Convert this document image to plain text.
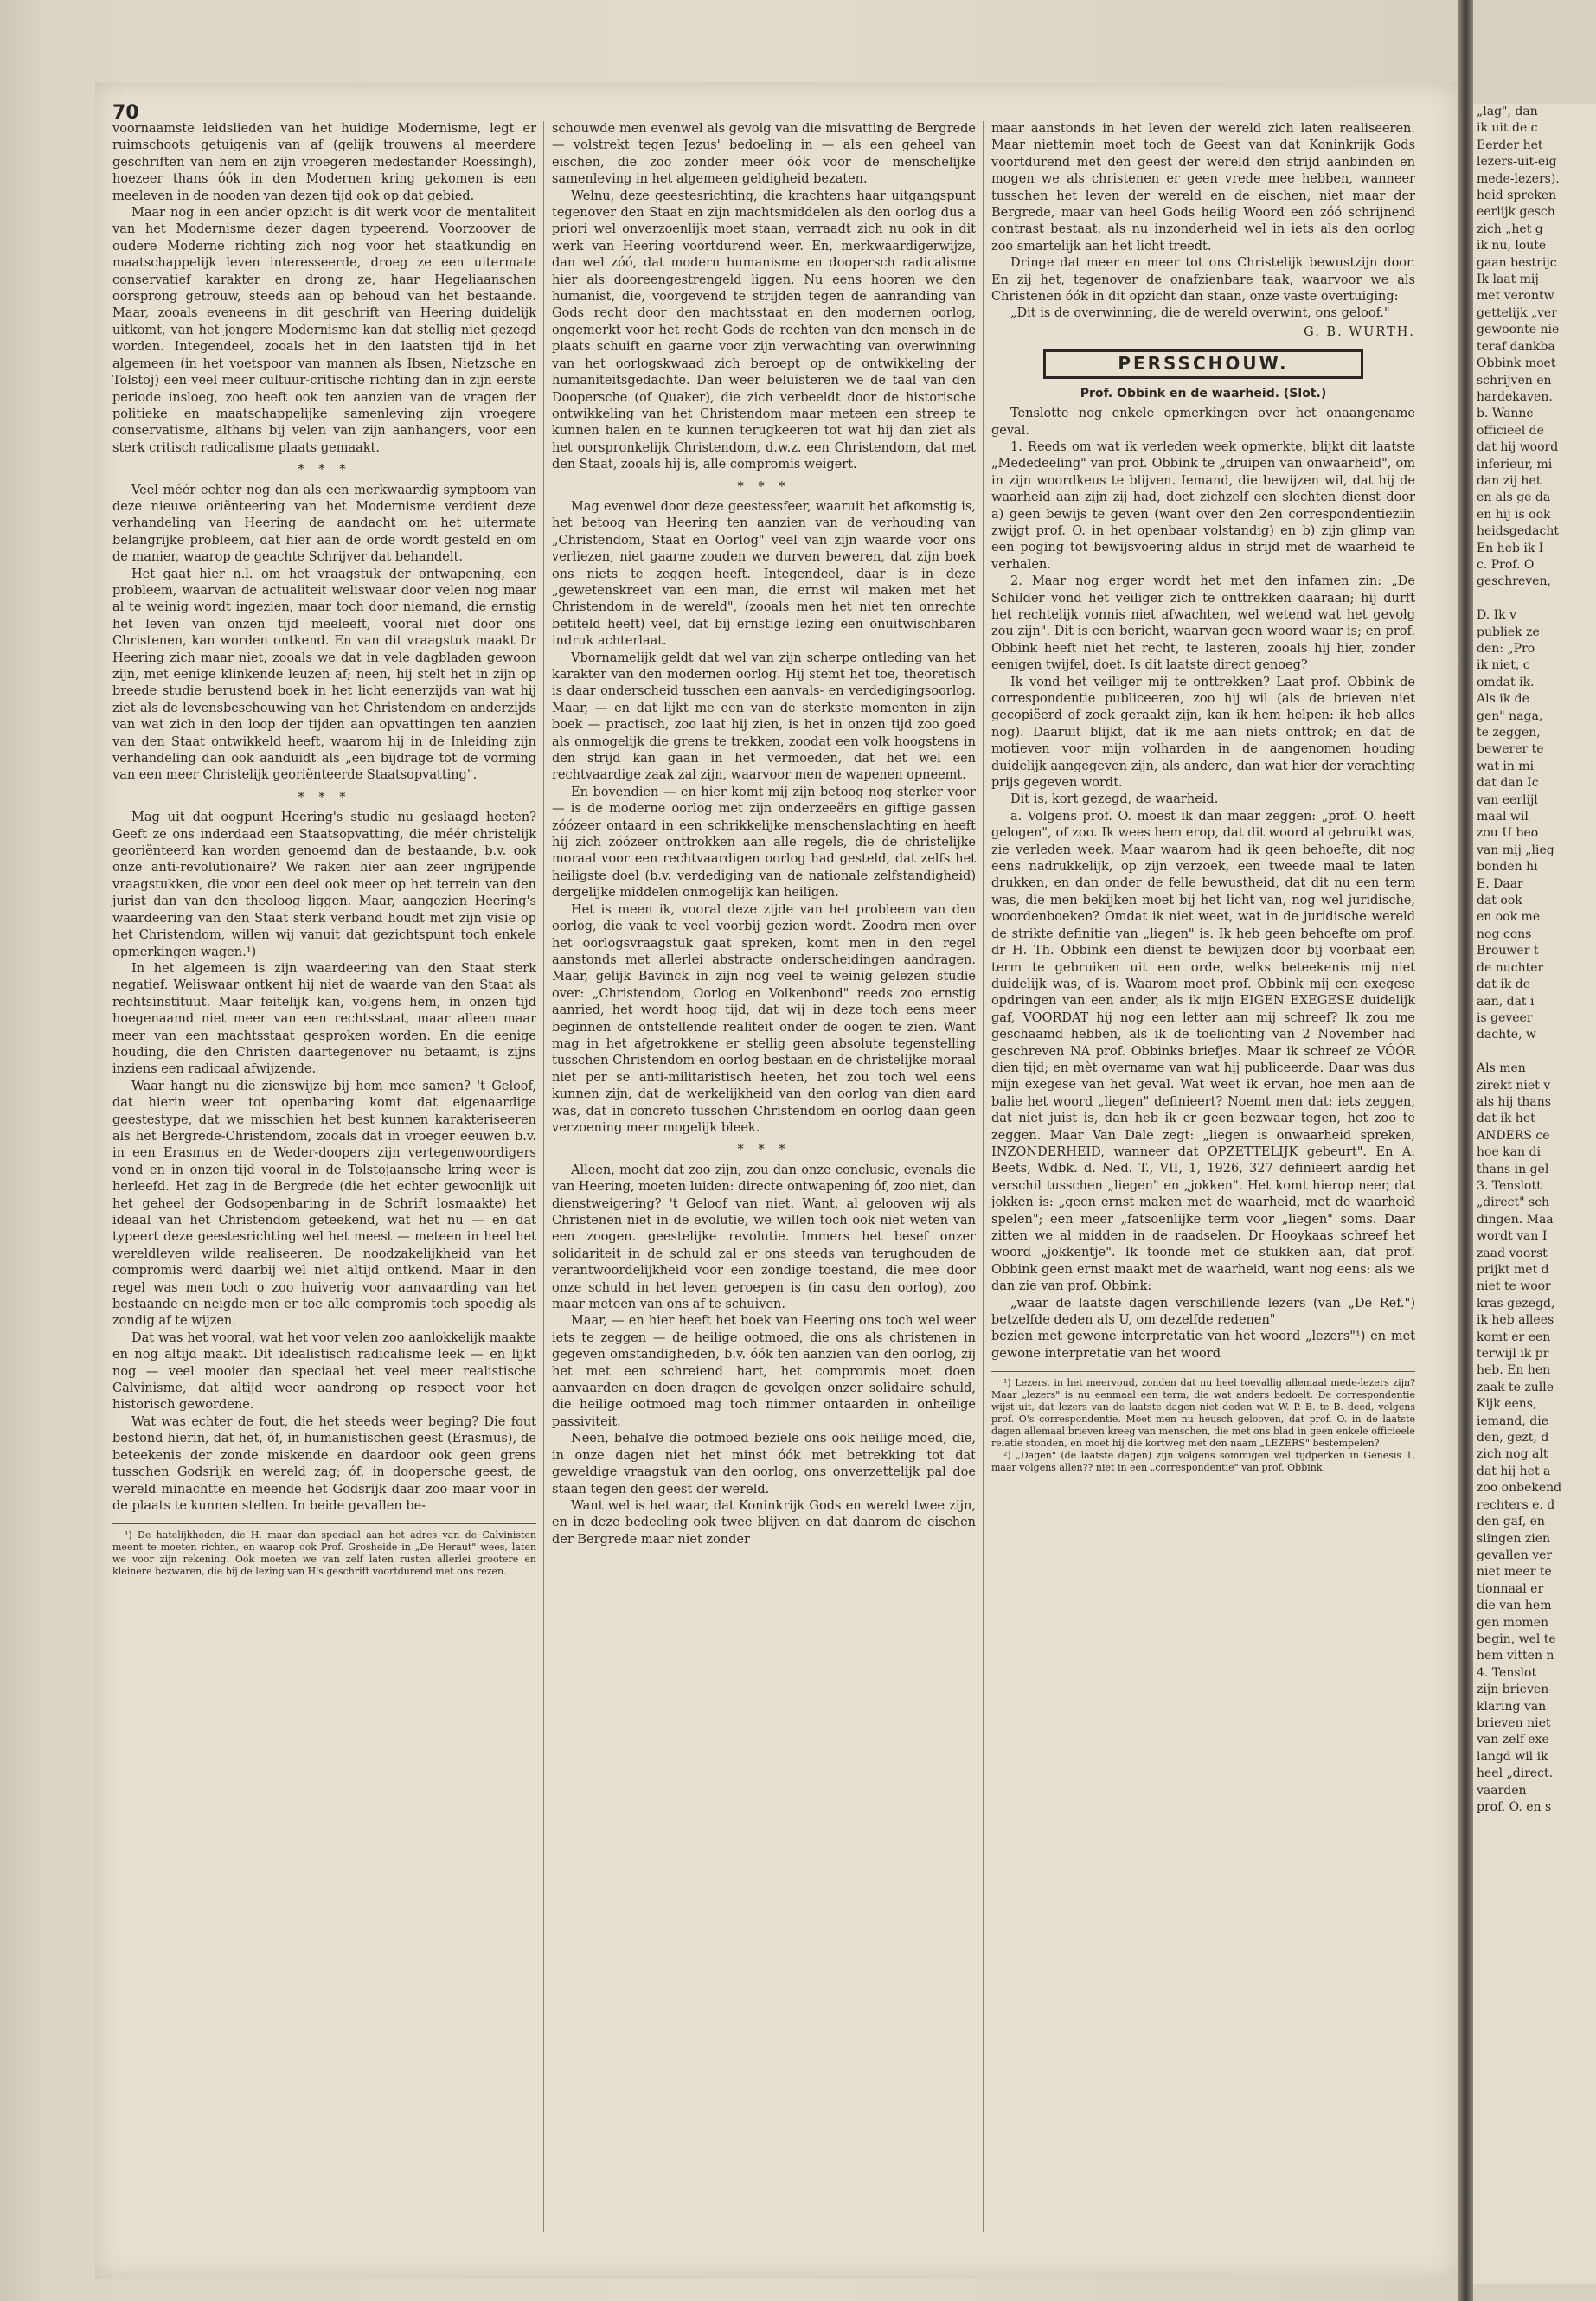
70

voornaamste leidslieden van het huidige Modernisme, legt er ruimschoots getuigenis van af (gelijk trouwens al meerdere geschriften van hem en zijn vroegeren medestander Roessingh), hoezeer thans óók in den Modernen kring gekomen is een meeleven in de nooden van dezen tijd ook op dat gebied.

Maar nog in een ander opzicht is dit werk voor de mentaliteit van het Modernisme dezer dagen typeerend. Voorzoover de oudere Moderne richting zich nog voor het staatkundig en maatschappelijk leven interesseerde, droeg ze een uitermate conservatief karakter en drong ze, haar Hegeliaanschen oorsprong getrouw, steeds aan op behoud van het bestaande. Maar, zooals eveneens in dit geschrift van Heering duidelijk uitkomt, van het jongere Modernisme kan dat stellig niet gezegd worden. Integendeel, zooals het in den laatsten tijd in het algemeen (in het voetspoor van mannen als Ibsen, Nietzsche en Tolstoj) een veel meer cultuur-critische richting dan in zijn eerste periode insloeg, zoo heeft ook ten aanzien van de vragen der politieke en maatschappelijke samenleving zijn vroegere conservatisme, althans bij velen van zijn aanhangers, voor een sterk critisch radicalisme plaats gemaakt.

* * *

Veel méér echter nog dan als een merkwaardig symptoom van deze nieuwe oriënteering van het Modernisme verdient deze verhandeling van Heering de aandacht om het uitermate belangrijke probleem, dat hier aan de orde wordt gesteld en om de manier, waarop de geachte Schrijver dat behandelt.

Het gaat hier n.l. om het vraagstuk der ontwapening, een probleem, waarvan de actualiteit weliswaar door velen nog maar al te weinig wordt ingezien, maar toch door niemand, die ernstig het leven van onzen tijd meeleeft, vooral niet door ons Christenen, kan worden ontkend. En van dit vraagstuk maakt Dr Heering zich maar niet, zooals we dat in vele dagbladen gewoon zijn, met eenige klinkende leuzen af; neen, hij stelt het in zijn op breede studie berustend boek in het licht eenerzijds van wat hij ziet als de levensbeschouwing van het Christendom en anderzijds van wat zich in den loop der tijden aan opvattingen ten aanzien van den Staat ontwikkeld heeft, waarom hij in de Inleiding zijn verhandeling dan ook aanduidt als „een bijdrage tot de vorming van een meer Christelijk georiënteerde Staatsopvatting".

* * *

Mag uit dat oogpunt Heering's studie nu geslaagd heeten? Geeft ze ons inderdaad een Staatsopvatting, die méér christelijk georiënteerd kan worden genoemd dan de bestaande, b.v. ook onze anti-revolutionaire? We raken hier aan zeer ingrijpende vraagstukken, die voor een deel ook meer op het terrein van den jurist dan van den theoloog liggen. Maar, aangezien Heering's waardeering van den Staat sterk verband houdt met zijn visie op het Christendom, willen wij vanuit dat gezichtspunt toch enkele opmerkingen wagen.¹)

In het algemeen is zijn waardeering van den Staat sterk negatief. Weliswaar ontkent hij niet de waarde van den Staat als rechtsinstituut. Maar feitelijk kan, volgens hem, in onzen tijd hoegenaamd niet meer van een rechtsstaat, maar alleen maar meer van een machtsstaat gesproken worden. En die eenige houding, die den Christen daartegenover nu betaamt, is zijns inziens een radicaal afwijzende.

Waar hangt nu die zienswijze bij hem mee samen? 't Geloof, dat hierin weer tot openbaring komt dat eigenaardige geestestype, dat we misschien het best kunnen karakteriseeren als het Bergrede-Christendom, zooals dat in vroeger eeuwen b.v. in een Erasmus en de Weder-doopers zijn vertegenwoordigers vond en in onzen tijd vooral in de Tolstojaansche kring weer is herleefd. Het zag in de Bergrede (die het echter gewoonlijk uit het geheel der Godsopenbaring in de Schrift losmaakte) het ideaal van het Christendom geteekend, wat het nu — en dat typeert deze geestesrichting wel het meest — meteen in heel het wereldleven wilde realiseeren. De noodzakelijkheid van het compromis werd daarbij wel niet altijd ontkend. Maar in den regel was men toch o zoo huiverig voor aanvaarding van het bestaande en neigde men er toe alle compromis toch spoedig als zondig af te wijzen.

Dat was het vooral, wat het voor velen zoo aanlokkelijk maakte en nog altijd maakt. Dit idealistisch radicalisme leek — en lijkt nog — veel mooier dan speciaal het veel meer realistische Calvinisme, dat altijd weer aandrong op respect voor het historisch gewordene.

Wat was echter de fout, die het steeds weer beging? Die fout bestond hierin, dat het, óf, in humanistischen geest (Erasmus), de beteekenis der zonde miskende en daardoor ook geen grens tusschen Godsrijk en wereld zag; óf, in doopersche geest, de wereld minachtte en meende het Godsrijk daar zoo maar voor in de plaats te kunnen stellen. In beide gevallen be-

¹) De hatelijkheden, die H. maar dan speciaal aan het adres van de Calvinisten meent te moeten richten, en waarop ook Prof. Grosheide in „De Heraut" wees, laten we voor zijn rekening. Ook moeten we van zelf laten rusten allerlei grootere en kleinere bezwaren, die bij de lezing van H's geschrift voortdurend met ons rezen.

schouwde men evenwel als gevolg van die misvatting de Bergrede — volstrekt tegen Jezus' bedoeling in — als een geheel van eischen, die zoo zonder meer óók voor de menschelijke samenleving in het algemeen geldigheid bezaten.

Welnu, deze geestesrichting, die krachtens haar uitgangspunt tegenover den Staat en zijn machtsmiddelen als den oorlog dus a priori wel onverzoenlijk moet staan, verraadt zich nu ook in dit werk van Heering voortdurend weer. En, merkwaardigerwijze, dan wel zóó, dat modern humanisme en doopersch radicalisme hier als dooreengestrengeld liggen. Nu eens hooren we den humanist, die, voorgevend te strijden tegen de aanranding van Gods recht door den machtsstaat en den modernen oorlog, ongemerkt voor het recht Gods de rechten van den mensch in de plaats schuift en gaarne voor zijn verwachting van overwinning van het oorlogskwaad zich beroept op de ontwikkeling der humaniteitsgedachte. Dan weer beluisteren we de taal van den Doopersche (of Quaker), die zich verbeeldt door de historische ontwikkeling van het Christendom maar meteen een streep te kunnen halen en te kunnen terugkeeren tot wat hij dan ziet als het oorspronkelijk Christendom, d.w.z. een Christendom, dat met den Staat, zooals hij is, alle compromis weigert.

* * *

Mag evenwel door deze geestessfeer, waaruit het afkomstig is, het betoog van Heering ten aanzien van de verhouding van „Christendom, Staat en Oorlog" veel van zijn waarde voor ons verliezen, niet gaarne zouden we durven beweren, dat zijn boek ons niets te zeggen heeft. Integendeel, daar is in deze „gewetenskreet van een man, die ernst wil maken met het Christendom in de wereld", (zooals men het niet ten onrechte betiteld heeft) veel, dat bij ernstige lezing een onuitwischbaren indruk achterlaat.

Vbornamelijk geldt dat wel van zijn scherpe ontleding van het karakter van den modernen oorlog. Hij stemt het toe, theoretisch is daar onderscheid tusschen een aanvals- en verdedigingsoorlog. Maar, — en dat lijkt me een van de sterkste momenten in zijn boek — practisch, zoo laat hij zien, is het in onzen tijd zoo goed als onmogelijk die grens te trekken, zoodat een volk hoogstens in den strijd kan gaan in het vermoeden, dat het wel een rechtvaardige zaak zal zijn, waarvoor men de wapenen opneemt.

En bovendien — en hier komt mij zijn betoog nog sterker voor — is de moderne oorlog met zijn onderzeeërs en giftige gassen zóózeer ontaard in een schrikkelijke menschenslachting en heeft hij zich zóózeer onttrokken aan alle regels, die de christelijke moraal voor een rechtvaardigen oorlog had gesteld, dat zelfs het heiligste doel (b.v. verdediging van de nationale zelfstandigheid) dergelijke middelen onmogelijk kan heiligen.

Het is meen ik, vooral deze zijde van het probleem van den oorlog, die vaak te veel voorbij gezien wordt. Zoodra men over het oorlogsvraagstuk gaat spreken, komt men in den regel aanstonds met allerlei abstracte onderscheidingen aandragen. Maar, gelijk Bavinck in zijn nog veel te weinig gelezen studie over: „Christendom, Oorlog en Volkenbond" reeds zoo ernstig aanried, het wordt hoog tijd, dat wij in deze toch eens meer beginnen de ontstellende realiteit onder de oogen te zien. Want mag in het afgetrokkene er stellig geen absolute tegenstelling tusschen Christendom en oorlog bestaan en de christelijke moraal niet per se anti-militaristisch heeten, het zou toch wel eens kunnen zijn, dat de werkelijkheid van den oorlog van dien aard was, dat in concreto tusschen Christendom en oorlog daan geen verzoening meer mogelijk bleek.

* * *

Alleen, mocht dat zoo zijn, zou dan onze conclusie, evenals die van Heering, moeten luiden: directe ontwapening óf, zoo niet, dan dienstweigering? 't Geloof van niet. Want, al gelooven wij als Christenen niet in de evolutie, we willen toch ook niet weten van een zoogen. geestelijke revolutie. Immers het besef onzer solidariteit in de schuld zal er ons steeds van terughouden de verantwoordelijkheid voor een zondige toestand, die mee door onze schuld in het leven geroepen is (in casu den oorlog), zoo maar meteen van ons af te schuiven.

Maar, — en hier heeft het boek van Heering ons toch wel weer iets te zeggen — de heilige ootmoed, die ons als christenen in gegeven omstandigheden, b.v. óók ten aanzien van den oorlog, zij het met een schreiend hart, het compromis moet doen aanvaarden en doen dragen de gevolgen onzer solidaire schuld, die heilige ootmoed mag toch nimmer ontaarden in onheilige passiviteit.

Neen, behalve die ootmoed beziele ons ook heilige moed, die, in onze dagen niet het minst óók met betrekking tot dat geweldige vraagstuk van den oorlog, ons onverzettelijk pal doe staan tegen den geest der wereld.

Want wel is het waar, dat Koninkrijk Gods en wereld twee zijn, en in deze bedeeling ook twee blijven en dat daarom de eischen der Bergrede maar niet zonder

maar aanstonds in het leven der wereld zich laten realiseeren. Maar niettemin moet toch de Geest van dat Koninkrijk Gods voortdurend met den geest der wereld den strijd aanbinden en mogen we als christenen er geen vrede mee hebben, wanneer tusschen het leven der wereld en de eischen, niet maar der Bergrede, maar van heel Gods heilig Woord een zóó schrijnend contrast bestaat, als nu inzonderheid wel in iets als den oorlog zoo smartelijk aan het licht treedt.

Dringe dat meer en meer tot ons Christelijk bewustzijn door. En zij het, tegenover de onafzienbare taak, waarvoor we als Christenen óók in dit opzicht dan staan, onze vaste overtuiging:

„Dit is de overwinning, die de wereld overwint, ons geloof."

G. B. WURTH.
PERSSCHOUW.
Prof. Obbink en de waarheid. (Slot.)

Tenslotte nog enkele opmerkingen over het onaangename geval.

1. Reeds om wat ik verleden week opmerkte, blijkt dit laatste „Mededeeling" van prof. Obbink te „druipen van onwaarheid", om in zijn woordkeus te blijven. Iemand, die bewijzen wil, dat hij de waarheid aan zijn zij had, doet zichzelf een slechten dienst door a) geen bewijs te geven (want over den 2en correspondentieziin zwijgt prof. O. in het openbaar volstandig) en b) zijn glimp van een poging tot bewijsvoering aldus in strijd met de waarheid te verhalen.

2. Maar nog erger wordt het met den infamen zin: „De Schilder vond het veiliger zich te onttrekken daaraan; hij durft het rechtelijk vonnis niet afwachten, wel wetend wat het gevolg zou zijn". Dit is een bericht, waarvan geen woord waar is; en prof. Obbink heeft niet het recht, te lasteren, zooals hij hier, zonder eenigen twijfel, doet. Is dit laatste direct genoeg?

Ik vond het veiliger mij te onttrekken? Laat prof. Obbink de correspondentie publiceeren, zoo hij wil (als de brieven niet gecopiëerd of zoek geraakt zijn, kan ik hem helpen: ik heb alles nog). Daaruit blijkt, dat ik me aan niets onttrok; en dat de motieven voor mijn volharden in de aangenomen houding duidelijk aangegeven zijn, als andere, dan wat hier der verachting prijs gegeven wordt.

Dit is, kort gezegd, de waarheid.

a. Volgens prof. O. moest ik dan maar zeggen: „prof. O. heeft gelogen", of zoo. Ik wees hem erop, dat dit woord al gebruikt was, zie verleden week. Maar waarom had ik geen behoefte, dit nog eens nadrukkelijk, op zijn verzoek, een tweede maal te laten drukken, en dan onder de felle bewustheid, dat dit nu een term was, die men bekijken moet bij het licht van, nog wel juridische, woordenboeken? Omdat ik niet weet, wat in de juridische wereld de strikte definitie van „liegen" is. Ik heb geen behoefte om prof. dr H. Th. Obbink een dienst te bewijzen door bij voorbaat een term te gebruiken uit een orde, welks beteekenis mij niet duidelijk was, of is. Waarom moet prof. Obbink mij een exegese opdringen van een ander, als ik mijn EIGEN EXEGESE duidelijk gaf, VOORDAT hij nog een letter aan mij schreef? Ik zou me geschaamd hebben, als ik de toelichting van 2 November had geschreven NA prof. Obbinks briefjes. Maar ik schreef ze VÓÓR dien tijd; en mèt overname van wat hij publiceerde. Daar was dus mijn exegese van het geval. Wat weet ik ervan, hoe men aan de balie het woord „liegen" definieert? Noemt men dat: iets zeggen, dat niet juist is, dan heb ik er geen bezwaar tegen, het zoo te zeggen. Maar Van Dale zegt: „liegen is onwaarheid spreken, INZONDERHEID, wanneer dat OPZETTELIJK gebeurt". En A. Beets, Wdbk. d. Ned. T., VII, 1, 1926, 327 definieert aardig het verschil tusschen „liegen" en „jokken". Het komt hierop neer, dat jokken is: „geen ernst maken met de waarheid, met de waarheid spelen"; een meer „fatsoenlijke term voor „liegen" soms. Daar zitten we al midden in de raadselen. Dr Hooykaas schreef het woord „jokkentje". Ik toonde met de stukken aan, dat prof. Obbink geen ernst maakt met de waarheid, want nog eens: als we dan zie van prof. Obbink:

„waar de laatste dagen verschillende lezers (van „De Ref.") betzelfde deden als U, om dezelfde redenen"

bezien met gewone interpretatie van het woord „lezers"¹) en met gewone interpretatie van het woord

¹) Lezers, in het meervoud, zonden dat nu heel toevallig allemaal mede-lezers zijn? Maar „lezers" is nu eenmaal een term, die wat anders bedoelt. De correspondentie wijst uit, dat lezers van de laatste dagen niet deden wat W. P. B. te B. deed, volgens prof. O's correspondentie. Moet men nu heusch gelooven, dat prof. O. in de laatste dagen allemaal brieven kreeg van menschen, die met ons blad in geen enkele officieele relatie stonden, en moet hij die kortweg met den naam „LEZERS" bestempelen?

²) „Dagen" (de laatste dagen) zijn volgens sommigen wel tijdperken in Genesis 1, maar volgens allen?? niet in een „correspondentie" van prof. Obbink.

„lag", dan
ik uit de c
Eerder het
lezers-uit-eig
mede-lezers).
heid spreken
eerlijk gesch
zich „het g
ik nu, loute
gaan bestrijc
Ik laat mij
met verontw
gettelijk „ver
gewoonte nie
teraf dankba
Obbink moet
schrijven en
hardekaven.
b. Wanne
officieel de
dat hij woord
inferieur, mi
dan zij het
en als ge da
en hij is ook
heidsgedacht
En heb ik I
c. Prof. O
geschreven,
D. Ik v
publiek ze
den: „Pro
ik niet, c
omdat ik.
Als ik de
gen" naga,
te zeggen,
bewerer te
wat in mi
dat dan Ic
van eerlijl
maal wil
zou U beo
van mij „lieg
bonden hi
E. Daar
dat ook
en ook me
nog cons
Brouwer t
de nuchter
dat ik de
aan, dat i
is geveer
dachte, w
Als men
zirekt niet v
als hij thans
dat ik het
ANDERS ce
hoe kan di
thans in gel
3. Tenslott
„direct" sch
dingen. Maa
wordt van I
zaad voorst
prijkt met d
niet te woor
kras gezegd,
ik heb allees
komt er een
terwijl ik pr
heb. En hen
zaak te zulle
Kijk eens,
iemand, die
den, gezt, d
zich nog alt
dat hij het a
zoo onbekend
rechters e. d
den gaf, en
slingen zien
gevallen ver
niet meer te
tionnaal er
die van hem
gen momen
begin, wel te
hem vitten n
4. Tenslot
zijn brieven
klaring van
brieven niet
van zelf-exe
langd wil ik
heel „direct.
vaarden
prof. O. en s
